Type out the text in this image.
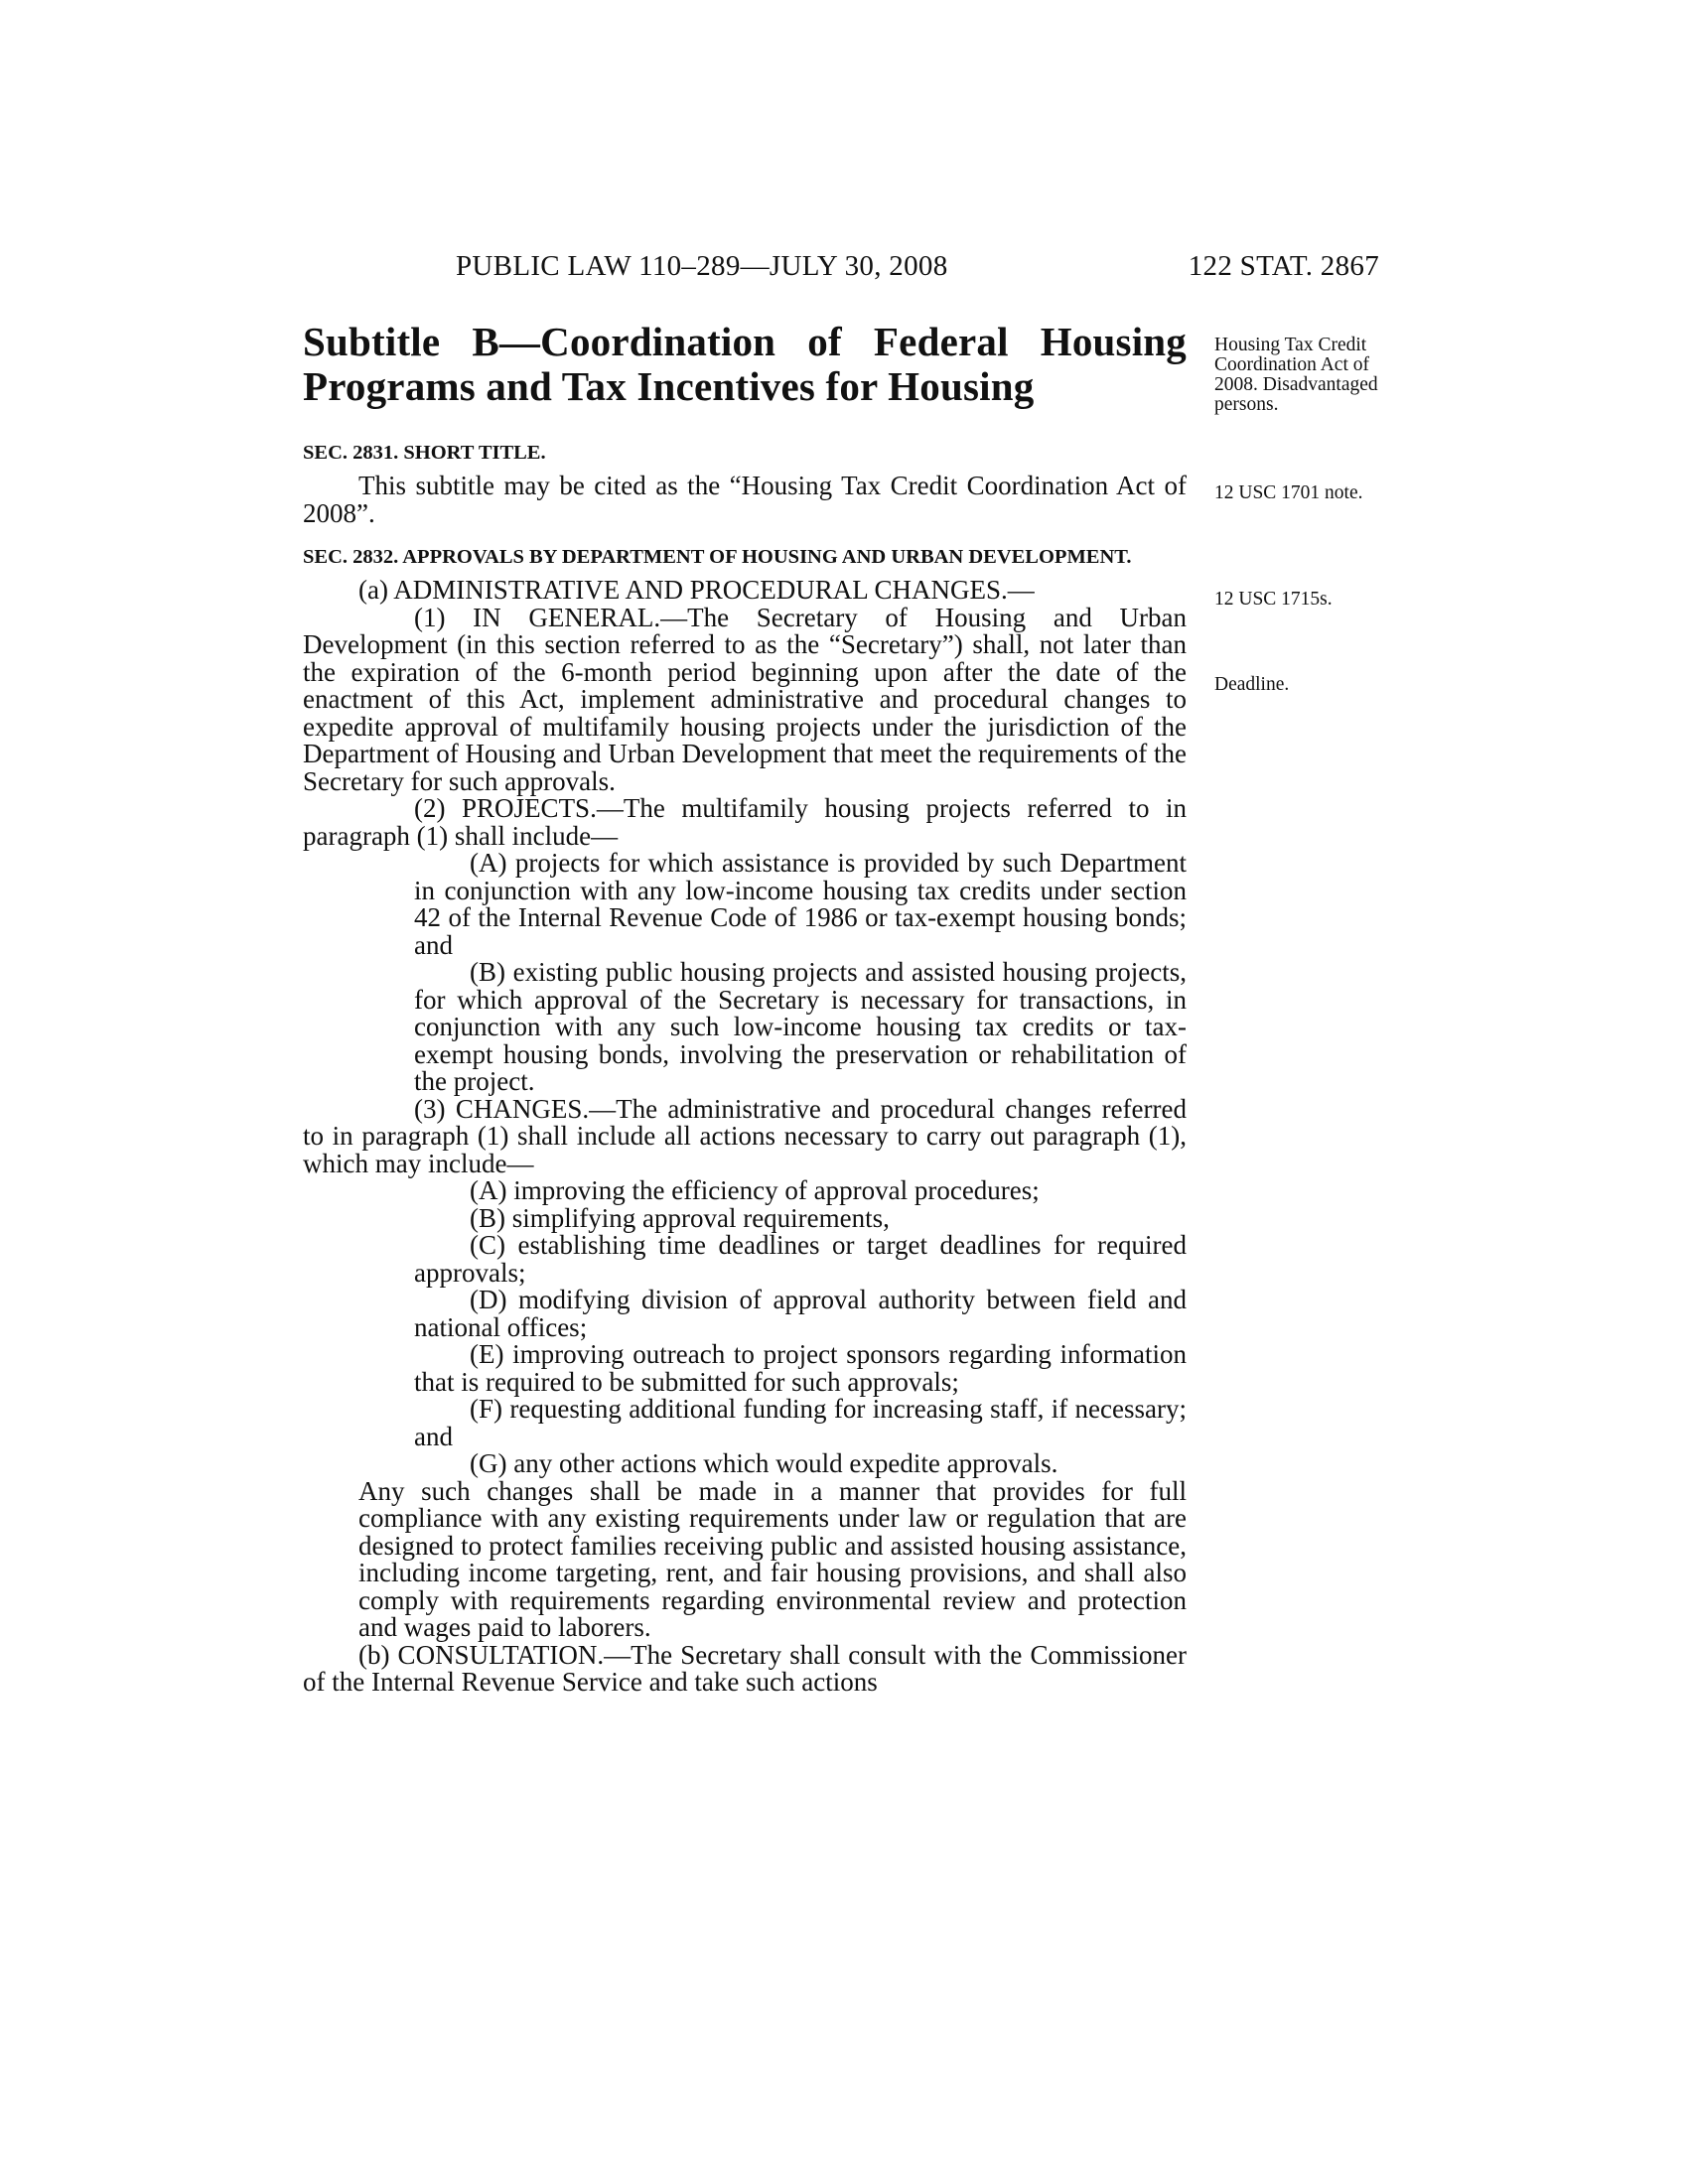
PUBLIC LAW 110–289—JULY 30, 2008	122 STAT. 2867
Subtitle B—Coordination of Federal Housing Programs and Tax Incentives for Housing

SEC. 2831. SHORT TITLE.

This subtitle may be cited as the “Housing Tax Credit Coordination Act of 2008”.

SEC. 2832. APPROVALS BY DEPARTMENT OF HOUSING AND URBAN DEVELOPMENT.

(a) ADMINISTRATIVE AND PROCEDURAL CHANGES.—

(1) IN GENERAL.—The Secretary of Housing and Urban Development (in this section referred to as the “Secretary”) shall, not later than the expiration of the 6-month period beginning upon after the date of the enactment of this Act, implement administrative and procedural changes to expedite approval of multifamily housing projects under the jurisdiction of the Department of Housing and Urban Development that meet the requirements of the Secretary for such approvals.

(2) PROJECTS.—The multifamily housing projects referred to in paragraph (1) shall include—

(A) projects for which assistance is provided by such Department in conjunction with any low-income housing tax credits under section 42 of the Internal Revenue Code of 1986 or tax-exempt housing bonds; and

(B) existing public housing projects and assisted housing projects, for which approval of the Secretary is necessary for transactions, in conjunction with any such low-income housing tax credits or tax-exempt housing bonds, involving the preservation or rehabilitation of the project.

(3) CHANGES.—The administrative and procedural changes referred to in paragraph (1) shall include all actions necessary to carry out paragraph (1), which may include—

(A) improving the efficiency of approval procedures;

(B) simplifying approval requirements,

(C) establishing time deadlines or target deadlines for required approvals;

(D) modifying division of approval authority between field and national offices;

(E) improving outreach to project sponsors regarding information that is required to be submitted for such approvals;

(F) requesting additional funding for increasing staff, if necessary; and

(G) any other actions which would expedite approvals.

Any such changes shall be made in a manner that provides for full compliance with any existing requirements under law or regulation that are designed to protect families receiving public and assisted housing assistance, including income targeting, rent, and fair housing provisions, and shall also comply with requirements regarding environmental review and protection and wages paid to laborers.

(b) CONSULTATION.—The Secretary shall consult with the Commissioner of the Internal Revenue Service and take such actions

Housing Tax Credit Coordination Act of 2008. Disadvantaged persons.
12 USC 1701 note.
12 USC 1715s.
Deadline.
